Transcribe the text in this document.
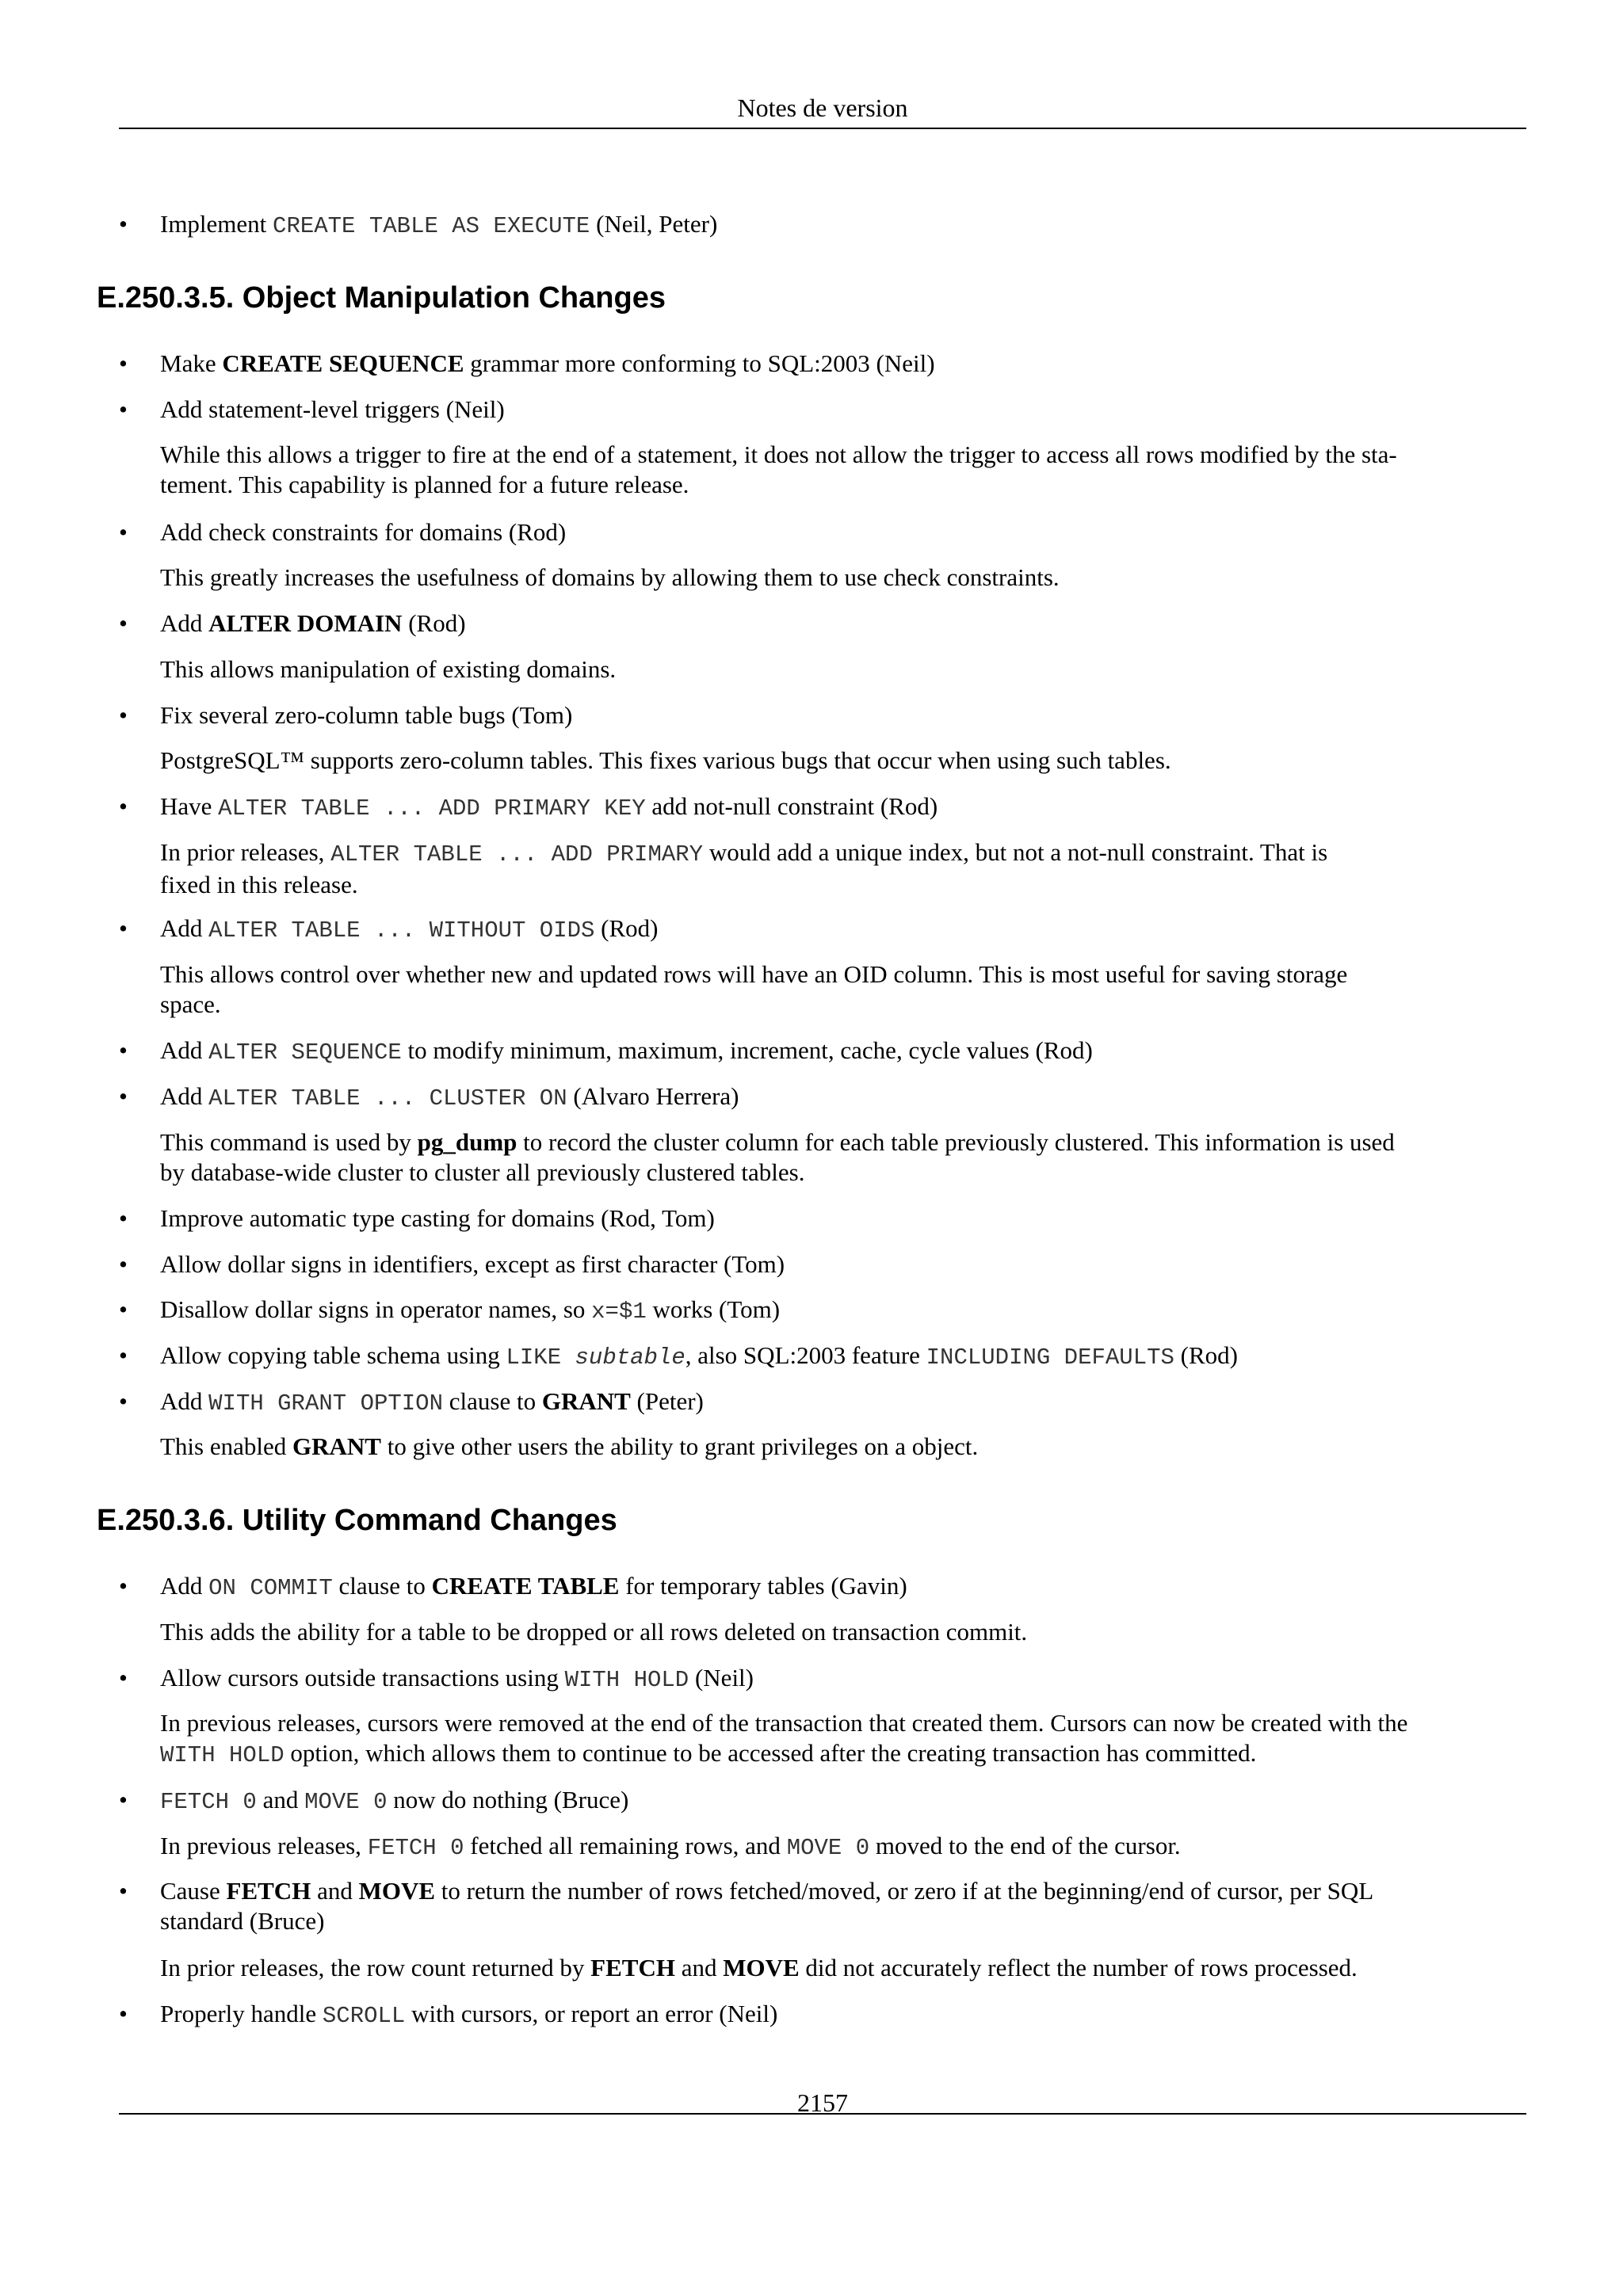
Notes de version
• Implement CREATE TABLE AS EXECUTE (Neil, Peter)
E.250.3.5. Object Manipulation Changes
• Make CREATE SEQUENCE grammar more conforming to SQL:2003 (Neil)
• Add statement-level triggers (Neil)
While this allows a trigger to fire at the end of a statement, it does not allow the trigger to access all rows modified by the sta-
tement. This capability is planned for a future release.
• Add check constraints for domains (Rod)
This greatly increases the usefulness of domains by allowing them to use check constraints.
• Add ALTER DOMAIN (Rod)
This allows manipulation of existing domains.
• Fix several zero-column table bugs (Tom)
PostgreSQL™ supports zero-column tables. This fixes various bugs that occur when using such tables.
• Have ALTER TABLE ... ADD PRIMARY KEY add not-null constraint (Rod)
In prior releases, ALTER TABLE ... ADD PRIMARY would add a unique index, but not a not-null constraint. That is
fixed in this release.
• Add ALTER TABLE ... WITHOUT OIDS (Rod)
This allows control over whether new and updated rows will have an OID column. This is most useful for saving storage
space.
• Add ALTER SEQUENCE to modify minimum, maximum, increment, cache, cycle values (Rod)
• Add ALTER TABLE ... CLUSTER ON (Alvaro Herrera)
This command is used by pg_dump to record the cluster column for each table previously clustered. This information is used
by database-wide cluster to cluster all previously clustered tables.
• Improve automatic type casting for domains (Rod, Tom)
• Allow dollar signs in identifiers, except as first character (Tom)
• Disallow dollar signs in operator names, so x=$1 works (Tom)
• Allow copying table schema using LIKE subtable, also SQL:2003 feature INCLUDING DEFAULTS (Rod)
• Add WITH GRANT OPTION clause to GRANT (Peter)
This enabled GRANT to give other users the ability to grant privileges on a object.
E.250.3.6. Utility Command Changes
• Add ON COMMIT clause to CREATE TABLE for temporary tables (Gavin)
This adds the ability for a table to be dropped or all rows deleted on transaction commit.
• Allow cursors outside transactions using WITH HOLD (Neil)
In previous releases, cursors were removed at the end of the transaction that created them. Cursors can now be created with the
WITH HOLD option, which allows them to continue to be accessed after the creating transaction has committed.
• FETCH 0 and MOVE 0 now do nothing (Bruce)
In previous releases, FETCH 0 fetched all remaining rows, and MOVE 0 moved to the end of the cursor.
• Cause FETCH and MOVE to return the number of rows fetched/moved, or zero if at the beginning/end of cursor, per SQL
standard (Bruce)
In prior releases, the row count returned by FETCH and MOVE did not accurately reflect the number of rows processed.
• Properly handle SCROLL with cursors, or report an error (Neil)
2157
